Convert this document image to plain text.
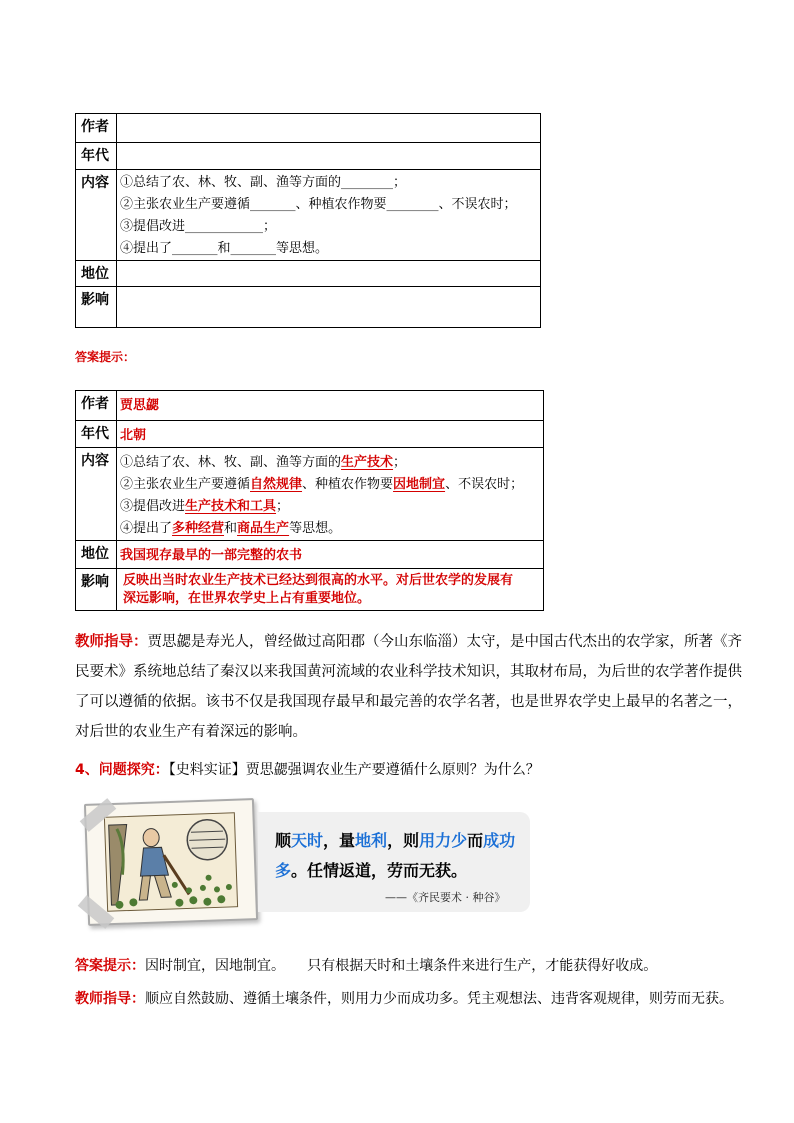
作者	
年代	
内容	①总结了农、林、牧、副、渔等方面的________；
②主张农业生产要遵循_______、种植农作物要________、不误农时；
③提倡改进____________；
④提出了_______和_______等思想。

地位	
影响	
答案提示：
作者	贾思勰
年代	北朝
内容	①总结了农、林、牧、副、渔等方面的生产技术；
②主张农业生产要遵循自然规律、种植农作物要因地制宜、不误农时；
③提倡改进生产技术和工具；
④提出了多种经营和商品生产等思想。

地位	我国现存最早的一部完整的农书
影响	反映出当时农业生产技术已经达到很高的水平。对后世农学的发展有
深远影响，在世界农学史上占有重要地位。
教师指导：贾思勰是寿光人，曾经做过高阳郡（今山东临淄）太守，是中国古代杰出的农学家，所著《齐
民要术》系统地总结了秦汉以来我国黄河流域的农业科学技术知识，其取材布局，为后世的农学著作提供
了可以遵循的依据。该书不仅是我国现存最早和最完善的农学名著，也是世界农学史上最早的名著之一，
对后世的农业生产有着深远的影响。
4、问题探究：【史料实证】贾思勰强调农业生产要遵循什么原则？为什么？
顺天时，量地利，则用力少而成功
多。任情返道，劳而无获。
——《齐民要术 · 种谷》
答案提示：因时制宜，因地制宜。     只有根据天时和土壤条件来进行生产，才能获得好收成。
教师指导：顺应自然鼓励、遵循土壤条件，则用力少而成功多。凭主观想法、违背客观规律，则劳而无获。
